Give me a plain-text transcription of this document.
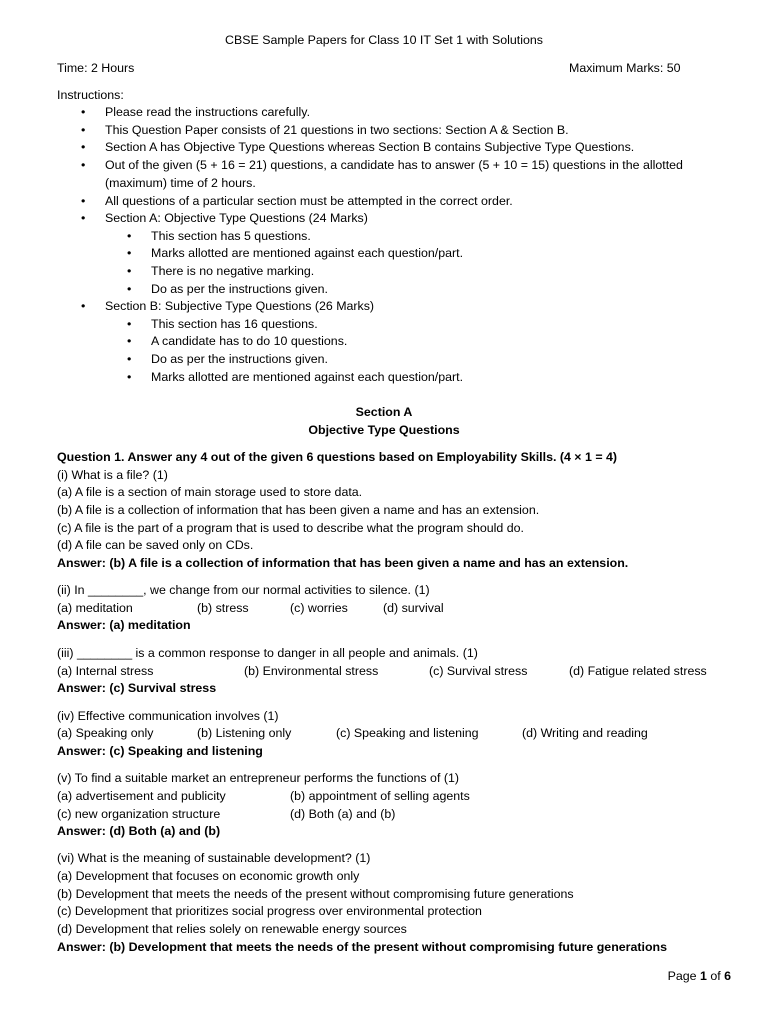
CBSE Sample Papers for Class 10 IT Set 1 with Solutions
Time: 2 Hours	Maximum Marks: 50
Instructions:
• Please read the instructions carefully.
• This Question Paper consists of 21 questions in two sections: Section A & Section B.
• Section A has Objective Type Questions whereas Section B contains Subjective Type Questions.
• Out of the given (5 + 16 = 21) questions, a candidate has to answer (5 + 10 = 15) questions in the allotted
(maximum) time of 2 hours.
• All questions of a particular section must be attempted in the correct order.
• Section A: Objective Type Questions (24 Marks)
• This section has 5 questions.
• Marks allotted are mentioned against each question/part.
• There is no negative marking.
• Do as per the instructions given.
• Section B: Subjective Type Questions (26 Marks)
• This section has 16 questions.
• A candidate has to do 10 questions.
• Do as per the instructions given.
• Marks allotted are mentioned against each question/part.
Section A
Objective Type Questions
Question 1. Answer any 4 out of the given 6 questions based on Employability Skills. (4 × 1 = 4)
(i) What is a file? (1)
(a) A file is a section of main storage used to store data.
(b) A file is a collection of information that has been given a name and has an extension.
(c) A file is the part of a program that is used to describe what the program should do.
(d) A file can be saved only on CDs.
Answer: (b) A file is a collection of information that has been given a name and has an extension.
(ii) In ________, we change from our normal activities to silence. (1)
(a) meditation	(b) stress	(c) worries	(d) survival
Answer: (a) meditation
(iii) ________ is a common response to danger in all people and animals. (1)
(a) Internal stress	(b) Environmental stress	(c) Survival stress	(d) Fatigue related stress
Answer: (c) Survival stress
(iv) Effective communication involves (1)
(a) Speaking only	(b) Listening only	(c) Speaking and listening	(d) Writing and reading
Answer: (c) Speaking and listening
(v) To find a suitable market an entrepreneur performs the functions of (1)
(a) advertisement and publicity	(b) appointment of selling agents
(c) new organization structure	(d) Both (a) and (b)
Answer: (d) Both (a) and (b)
(vi) What is the meaning of sustainable development? (1)
(a) Development that focuses on economic growth only
(b) Development that meets the needs of the present without compromising future generations
(c) Development that prioritizes social progress over environmental protection
(d) Development that relies solely on renewable energy sources
Answer: (b) Development that meets the needs of the present without compromising future generations
Page 1 of 6
